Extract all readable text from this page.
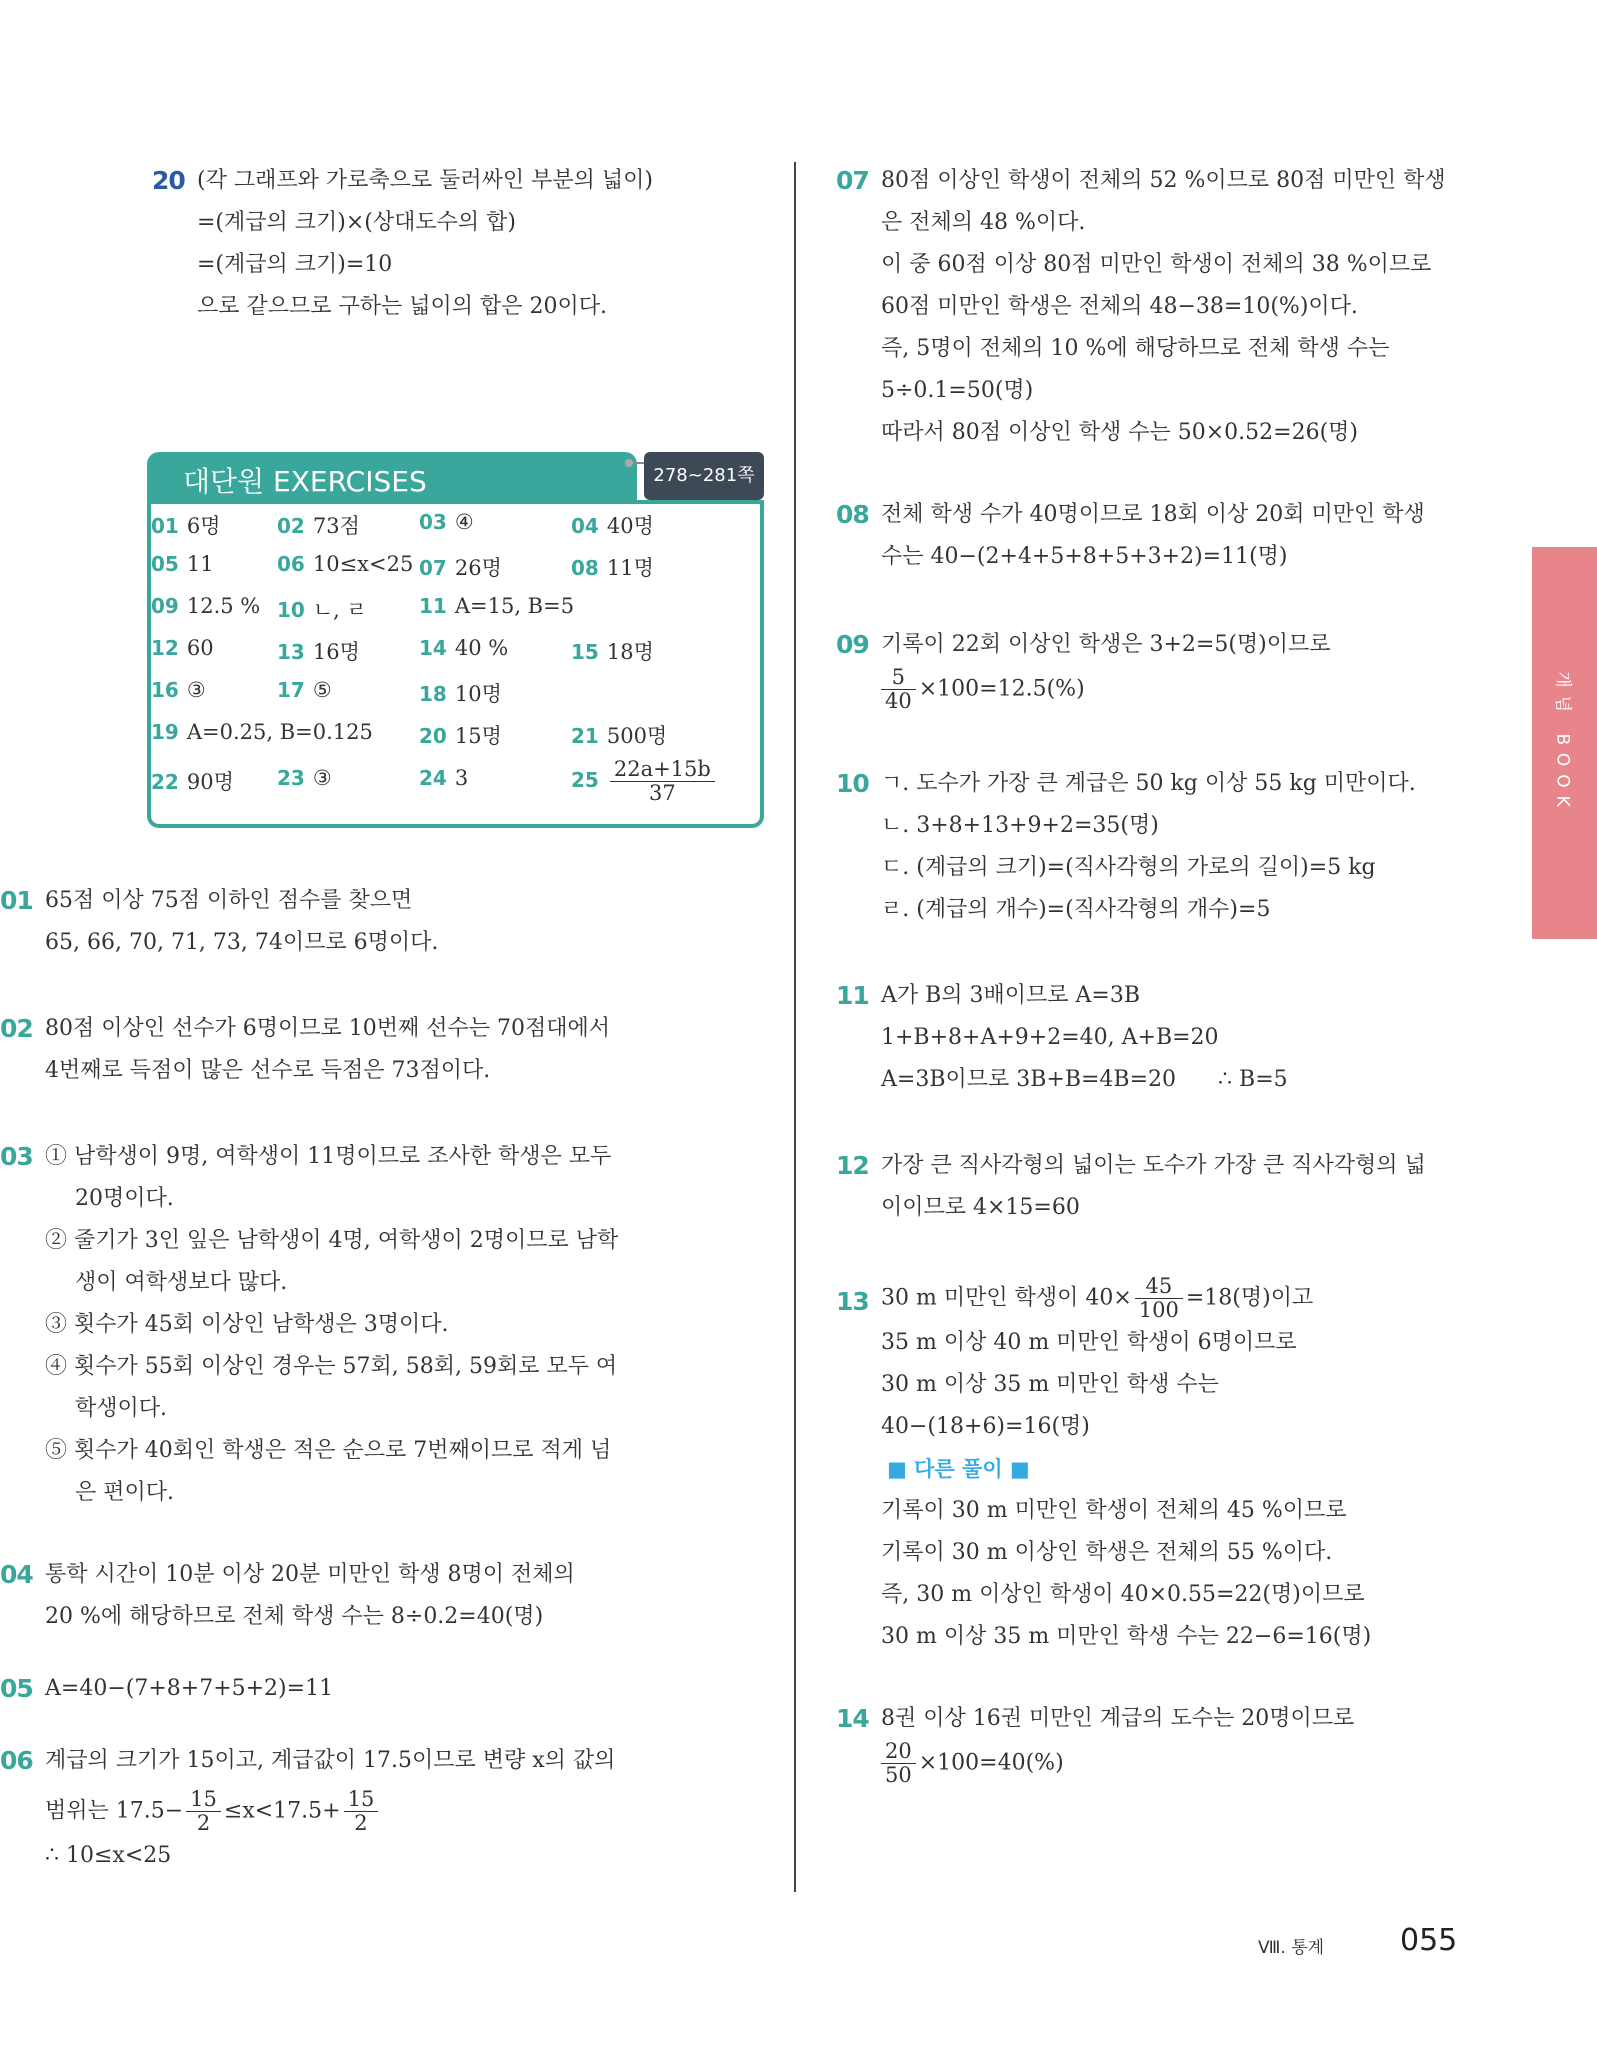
20 (각 그래프와 가로축으로 둘러싸인 부분의 넓이)
=(계급의 크기)×(상대도수의 합)
=(계급의 크기)=10
으로 같으므로 구하는 넓이의 합은 20이다.
대단원 EXERCISES	278~281쪽
01 6명	02 73점	03 ④	04 40명
05 11	06 10≤x<25 07 26명	08 11명
09 12.5 % 10 ㄴ, ㄹ	11 A=15, B=5
12 60	13 16명	14 40 %	15 18명
16 ③	17 ⑤	18 10명
19 A=0.25, B=0.125 20 15명	21 500명
22 90명 23 ③	24 3	$25 \frac{22a+15b}{37}$
01 65점 이상 75점 이하인 점수를 찾으면
65, 66, 70, 71, 73, 74이므로 6명이다.
02 80점 이상인 선수가 6명이므로 10번째 선수는 70점대에서
4번째로 득점이 많은 선수로 득점은 73점이다.
03 ① 남학생이 9명, 여학생이 11명이므로 조사한 학생은 모두 20명이다.
② 줄기가 3인 잎은 남학생이 4명, 여학생이 2명이므로 남학생이 여학생보다 많다.
③ 횟수가 45회 이상인 남학생은 3명이다.
④ 횟수가 55회 이상인 경우는 57회, 58회, 59회로 모두 여학생이다.
⑤ 횟수가 40회인 학생은 적은 순으로 7번째이므로 적게 넘은 편이다.
04 통학 시간이 10분 이상 20분 미만인 학생 8명이 전체의
20 %에 해당하므로 전체 학생 수는 8÷0.2=40(명)
05 A=40−(7+8+7+5+2)=11
06 계급의 크기가 15이고, 계급값이 17.5이므로 변량 x의 값의
범위는 $17.5- \frac{15}{2} \le x<17.5+ \frac{15}{2}$
∴ 10≤x<25
07 80점 이상인 학생이 전체의 52 %이므로 80점 미만인 학생
은 전체의 48 %이다.
이 중 60점 이상 80점 미만인 학생이 전체의 38 %이므로
60점 미만인 학생은 전체의 48−38=10(%)이다.
즉, 5명이 전체의 10 %에 해당하므로 전체 학생 수는
5÷0.1=50(명)
따라서 80점 이상인 학생 수는 50×0.52=26(명)
08 전체 학생 수가 40명이므로 18회 이상 20회 미만인 학생
수는 40−(2+4+5+8+5+3+2)=11(명)
09 기록이 22회 이상인 학생은 3+2=5(명)이므로
$\frac{5}{40} \times 100=12.5(\%)$
10 ㄱ. 도수가 가장 큰 계급은 50 kg 이상 55 kg 미만이다.
ㄴ. 3+8+13+9+2=35(명)
ㄷ. (계급의 크기)=(직사각형의 가로의 길이)=5 kg
ㄹ. (계급의 개수)=(직사각형의 개수)=5
11 A가 B의 3배이므로 A=3B
1+B+8+A+9+2=40, A+B=20
A=3B이므로 3B+B=4B=20 ∴ B=5
12 가장 큰 직사각형의 넓이는 도수가 가장 큰 직사각형의 넓
이이므로 4×15=60
13 30 m 미만인 학생이 $40\times \frac{45}{100} =18$(명)이고
35 m 이상 40 m 미만인 학생이 6명이므로
30 m 이상 35 m 미만인 학생 수는
40−(18+6)=16(명)
■ 다른 풀이 ■
기록이 30 m 미만인 학생이 전체의 45 %이므로
기록이 30 m 이상인 학생은 전체의 55 %이다.
즉, 30 m 이상인 학생이 40×0.55=22(명)이므로
30 m 이상 35 m 미만인 학생 수는 22−6=16(명)
14 8권 이상 16권 미만인 계급의 도수는 20명이므로
$\frac{20}{50} \times 100=40(\%)$
개념 BOOK
Ⅷ. 통계	055
